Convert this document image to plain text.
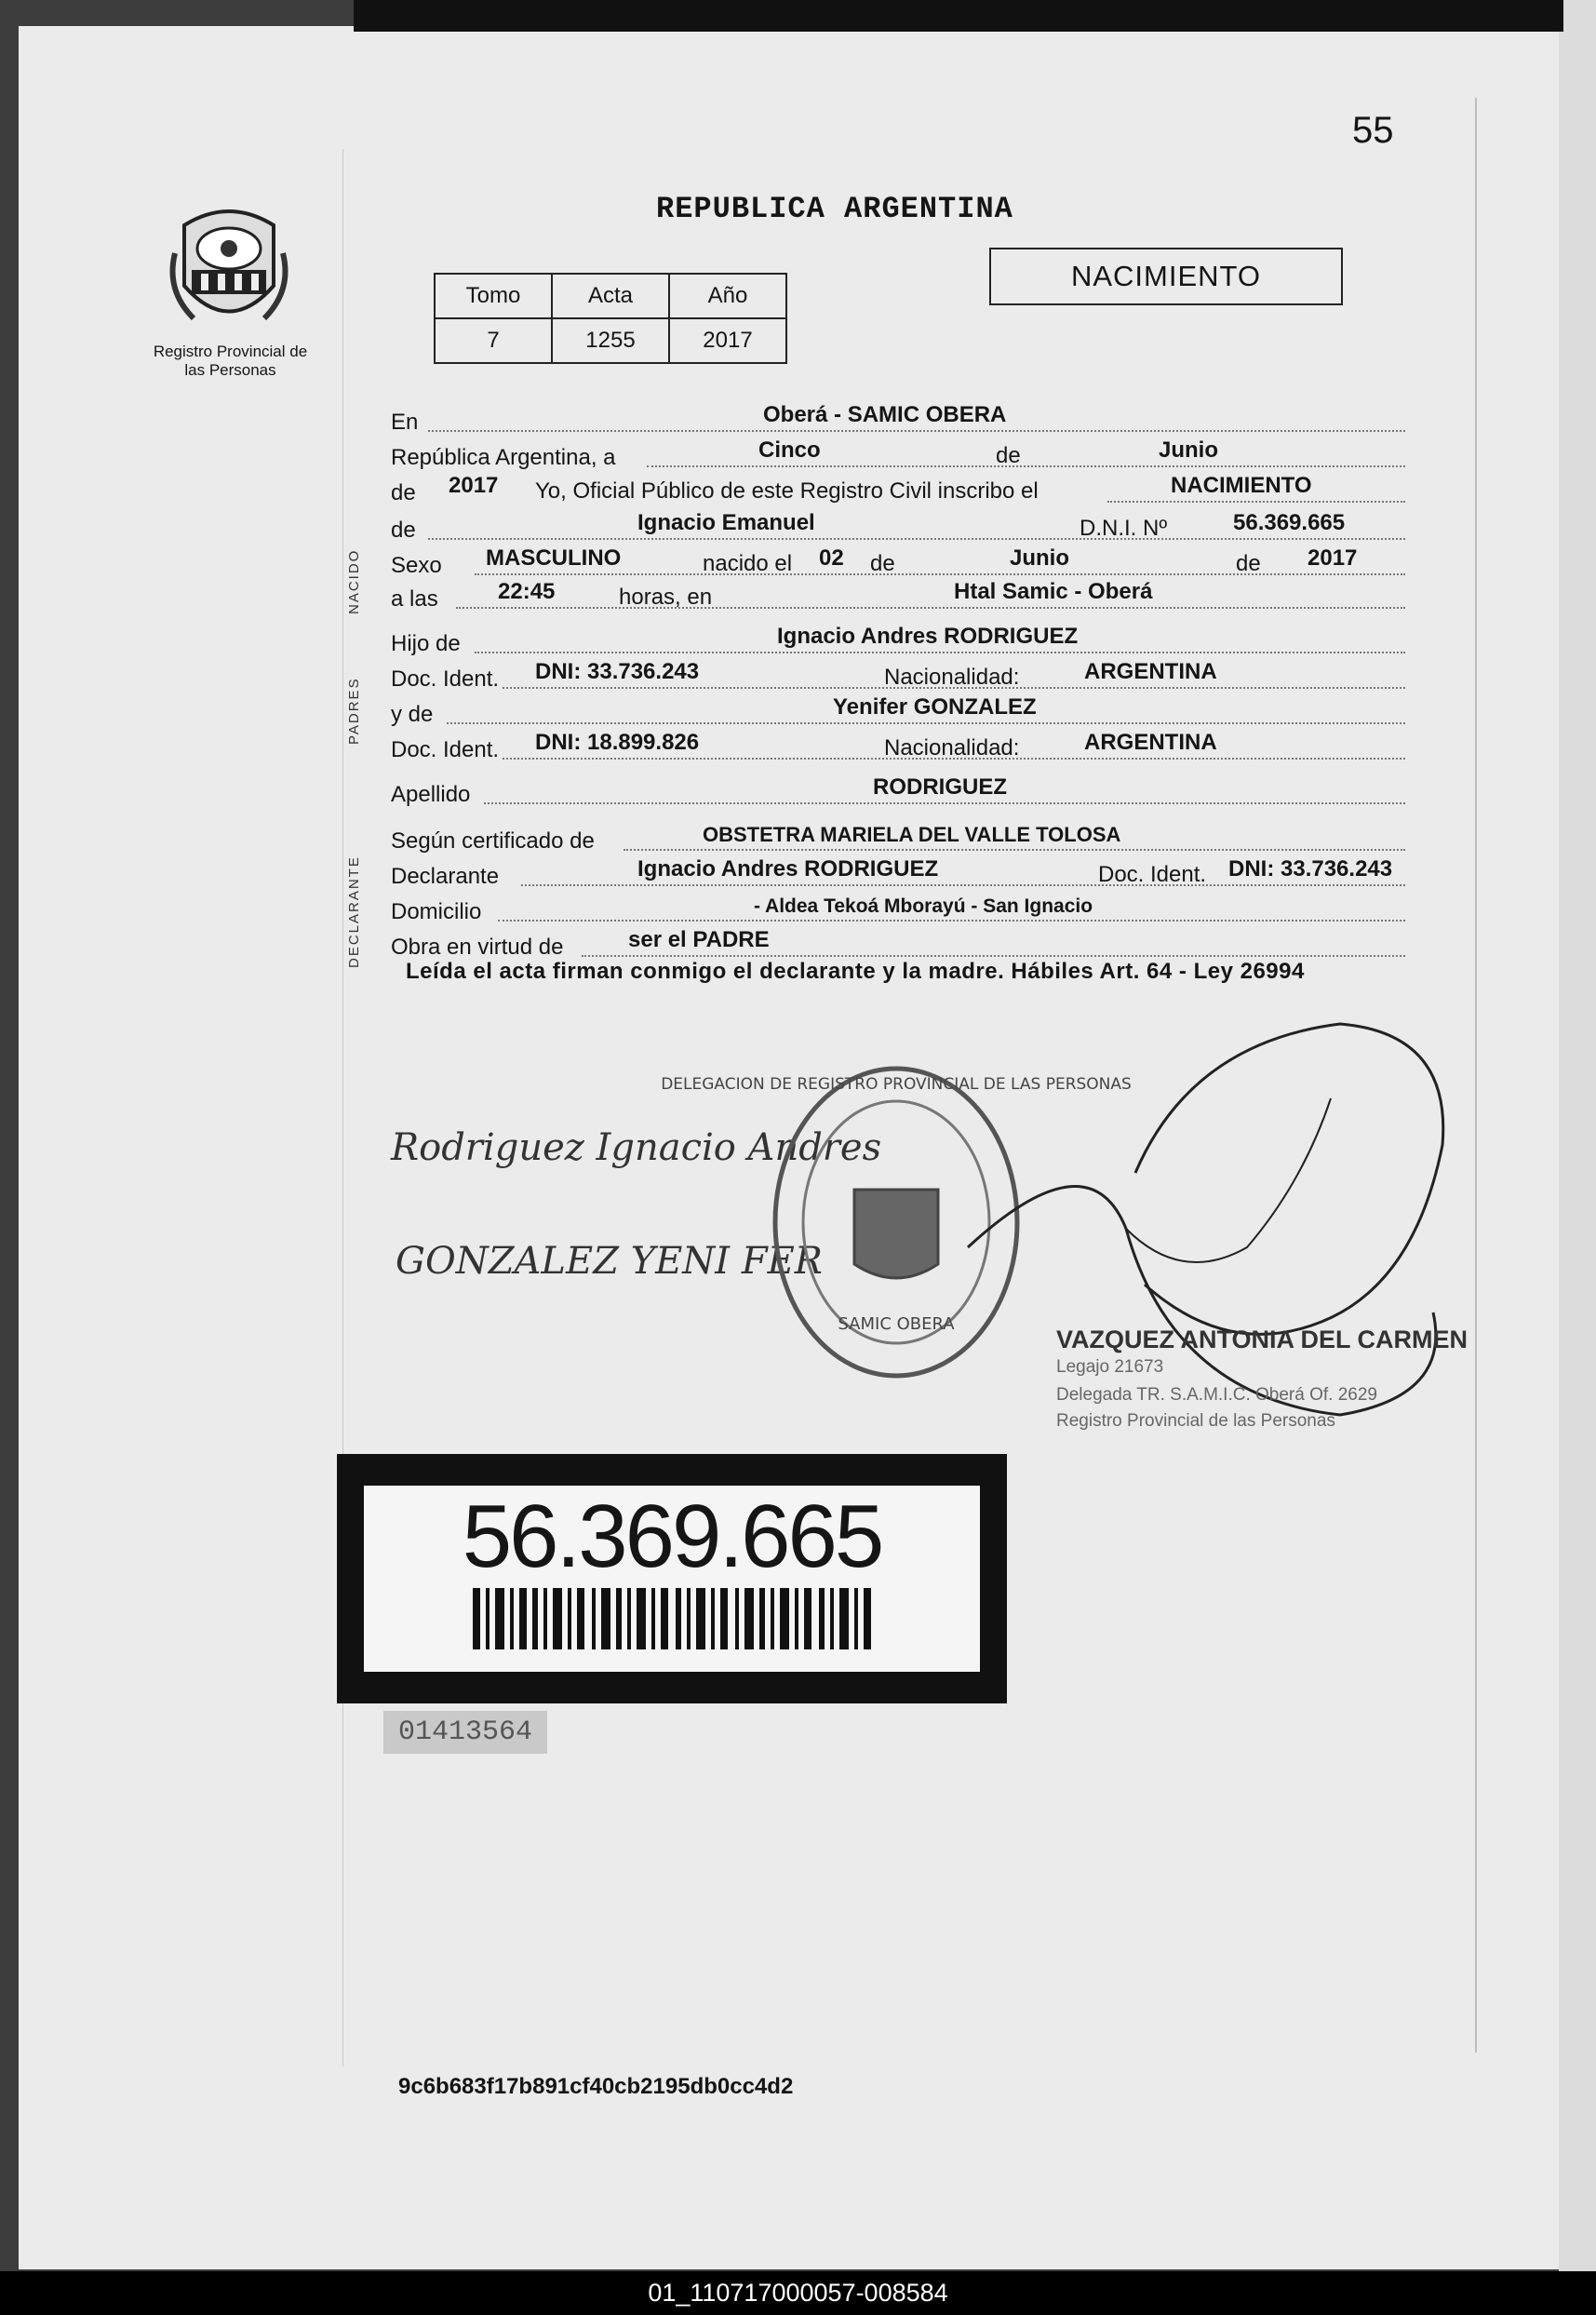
55
REPUBLICA ARGENTINA
Registro Provincial de las Personas
Tomo	Acta	Año
7	1255	2017
NACIMIENTO
En	Oberá - SAMIC OBERA
República Argentina, a	Cinco	de	Junio
de 2017 Yo, Oficial Público de este Registro Civil inscribo el	NACIMIENTO
de	Ignacio Emanuel	D.N.I. Nº	56.369.665
Sexo MASCULINO	nacido el 02 de	Junio	de 2017
a las	22:45	horas, en	Htal Samic - Oberá
Hijo de	Ignacio Andres RODRIGUEZ
Doc. Ident. DNI: 33.736.243	Nacionalidad:	ARGENTINA
y de	Yenifer GONZALEZ
Doc. Ident. DNI: 18.899.826	Nacionalidad:	ARGENTINA
Apellido	RODRIGUEZ
Según certificado de	OBSTETRA MARIELA DEL VALLE TOLOSA
Declarante	Ignacio Andres RODRIGUEZ	Doc. Ident. DNI: 33.736.243
Domicilio	- Aldea Tekoá Mborayú - San Ignacio
Obra en virtud de	ser el PADRE
NACIDO
PADRES
DECLARANTE
Leída el acta firman conmigo el declarante y la madre. Hábiles Art. 64 - Ley 26994
Rodriguez Ignacio Andres
GONZALEZ YENI FER
DELEGACION DE REGISTRO PROVINCIAL DE LAS PERSONAS
SAMIC OBERA
VAZQUEZ ANTONIA DEL CARMEN
Legajo 21673
Delegada TR. S.A.M.I.C. Oberá Of. 2629
Registro Provincial de las Personas
56.369.665
01413564
9c6b683f17b891cf40cb2195db0cc4d2
01_110717000057-008584
